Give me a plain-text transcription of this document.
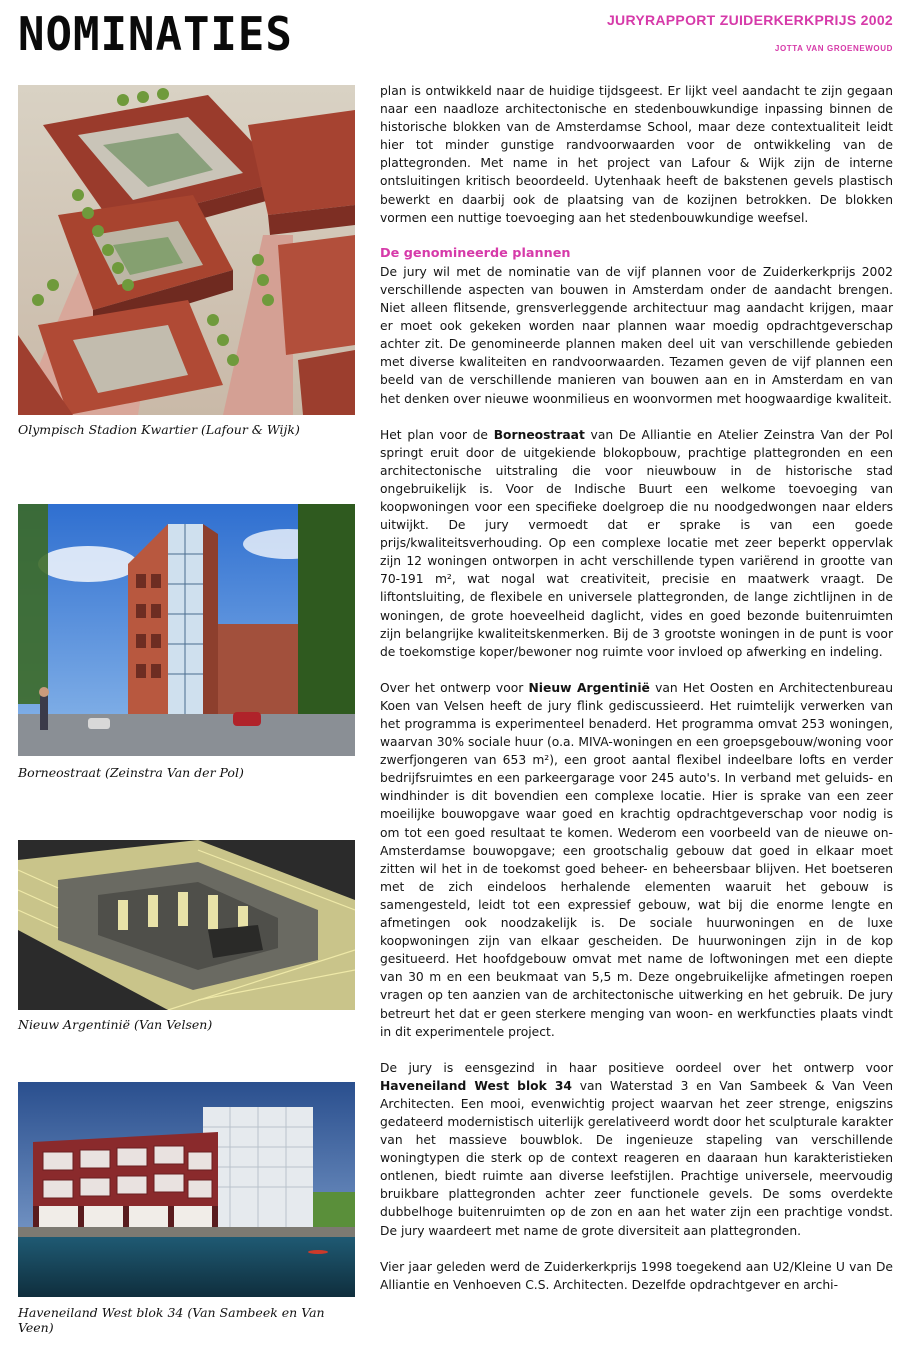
NOMINATIES	JURYRAPPORT ZUIDERKERKPRIJS 2002
JOTTA VAN GROENEWOUD
Olympisch Stadion Kwartier (Lafour & Wijk)
Borneostraat (Zeinstra Van der Pol)
Nieuw Argentinië (Van Velsen)
Haveneiland West blok 34 (Van Sambeek en Van Veen)

plan is ontwikkeld naar de huidige tijdsgeest. Er lijkt veel aandacht te zijn gegaan naar een naadloze architectonische en stedenbouwkundige inpassing binnen de historische blokken van de Amsterdamse School, maar deze contextualiteit leidt hier tot minder gunstige randvoorwaarden voor de ontwikkeling van de plattegronden. Met name in het project van Lafour & Wijk zijn de interne ontsluitingen kritisch beoordeeld. Uytenhaak heeft de bakstenen gevels plastisch bewerkt en daarbij ook de plaatsing van de kozijnen betrokken. De blokken vormen een nuttige toevoeging aan het stedenbouwkundige weefsel.

De genomineerde plannen

De jury wil met de nominatie van de vijf plannen voor de Zuiderkerkprijs 2002 verschillende aspecten van bouwen in Amsterdam onder de aandacht brengen. Niet alleen flitsende, grensverleggende architectuur mag aandacht krijgen, maar er moet ook gekeken worden naar plannen waar moedig opdrachtgeverschap achter zit. De genomineerde plannen maken deel uit van verschillende gebieden met diverse kwaliteiten en randvoorwaarden. Tezamen geven de vijf plannen een beeld van de verschillende manieren van bouwen aan en in Amsterdam en van het denken over nieuwe woonmilieus en woonvormen met hoogwaardige kwaliteit.

Het plan voor de Borneostraat van De Alliantie en Atelier Zeinstra Van der Pol springt eruit door de uitgekiende blokopbouw, prachtige plattegronden en een architectonische uitstraling die voor nieuwbouw in de historische stad ongebruikelijk is. Voor de Indische Buurt een welkome toevoeging van koopwoningen voor een specifieke doelgroep die nu noodgedwongen naar elders uitwijkt. De jury vermoedt dat er sprake is van een goede prijs/kwaliteitsverhouding. Op een complexe locatie met zeer beperkt oppervlak zijn 12 woningen ontworpen in acht verschillende typen variërend in grootte van 70-191 m², wat nogal wat creativiteit, precisie en maatwerk vraagt. De liftontsluiting, de flexibele en universele plattegronden, de lange zichtlijnen in de woningen, de grote hoeveelheid daglicht, vides en goed bezonde buitenruimten zijn belangrijke kwaliteitskenmerken. Bij de 3 grootste woningen in de punt is voor de toekomstige koper/bewoner nog ruimte voor invloed op afwerking en indeling.

Over het ontwerp voor Nieuw Argentinië van Het Oosten en Architectenbureau Koen van Velsen heeft de jury flink gediscussieerd. Het ruimtelijk verwerken van het programma is experimenteel benaderd. Het programma omvat 253 woningen, waarvan 30% sociale huur (o.a. MIVA-woningen en een groepsgebouw/woning voor zwerfjongeren van 653 m²), een groot aantal flexibel indeelbare lofts en verder bedrijfsruimtes en een parkeergarage voor 245 auto's. In verband met geluids- en windhinder is dit bovendien een complexe locatie. Hier is sprake van een zeer moeilijke bouwopgave waar goed en krachtig opdrachtgeverschap voor nodig is om tot een goed resultaat te komen. Wederom een voorbeeld van de nieuwe on-Amsterdamse bouwopgave; een grootschalig gebouw dat goed in elkaar moet zitten wil het in de toekomst goed beheer- en beheersbaar blijven. Het boetseren met de zich eindeloos herhalende elementen waaruit het gebouw is samengesteld, leidt tot een expressief gebouw, wat bij die enorme lengte en afmetingen ook noodzakelijk is. De sociale huurwoningen en de luxe koopwoningen zijn van elkaar gescheiden. De huurwoningen zijn in de kop gesitueerd. Het hoofdgebouw omvat met name de loftwoningen met een diepte van 30 m en een beukmaat van 5,5 m. Deze ongebruikelijke afmetingen roepen vragen op ten aanzien van de architectonische uitwerking en het gebruik. De jury betreurt het dat er geen sterkere menging van woon- en werkfuncties plaats vindt in dit experimentele project.

De jury is eensgezind in haar positieve oordeel over het ontwerp voor Haveneiland West blok 34 van Waterstad 3 en Van Sambeek & Van Veen Architecten. Een mooi, evenwichtig project waarvan het zeer strenge, enigszins gedateerd modernistisch uiterlijk gerelativeerd wordt door het sculpturale karakter van het massieve bouwblok. De ingenieuze stapeling van verschillende woningtypen die sterk op de context reageren en daaraan hun karakteristieken ontlenen, biedt ruimte aan diverse leefstijlen. Prachtige universele, meervoudig bruikbare plattegronden achter zeer functionele gevels. De soms overdekte dubbelhoge buitenruimten op de zon en aan het water zijn een prachtige vondst. De jury waardeert met name de grote diversiteit aan plattegronden.

Vier jaar geleden werd de Zuiderkerkprijs 1998 toegekend aan U2/Kleine U van De Alliantie en Venhoeven C.S. Architecten. Dezelfde opdrachtgever en archi-
